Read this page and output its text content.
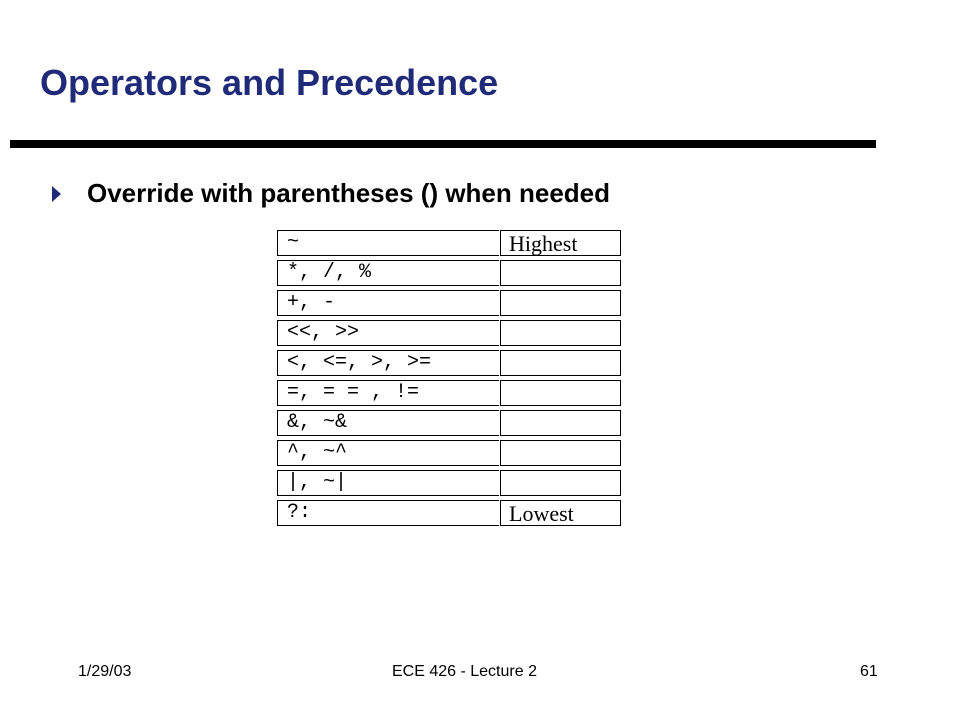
Operators and Precedence
Override with parentheses () when needed
~	Highest
*, /, %
+, -
<<, >>
<, <=, >, >=
=, = = , !=
&, ~&
^, ~^
|, ~|
?:	Lowest
1/29/03	ECE 426 - Lecture 2	61
